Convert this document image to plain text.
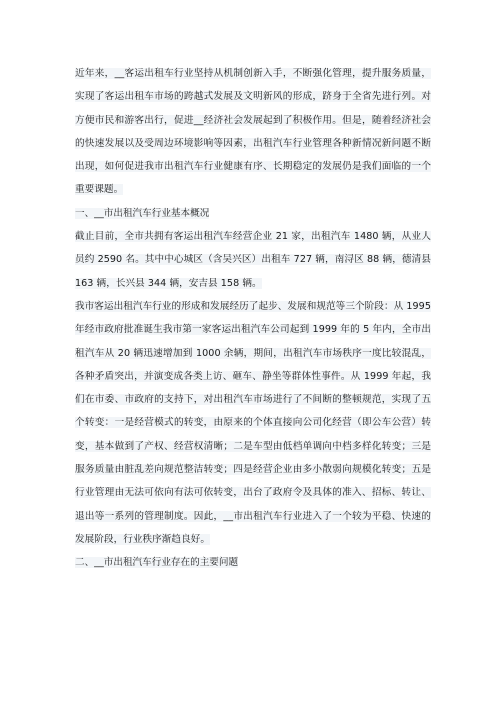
近年来，__客运出租车行业坚持从机制创新入手，不断强化管理，提升服务质量，实现了客运出租车市场的跨越式发展及文明新风的形成，跻身于全省先进行列。对方便市民和游客出行，促进__经济社会发展起到了积极作用。但是，随着经济社会的快速发展以及受周边环境影响等因素，出租汽车行业管理各种新情况新问题不断出现，如何促进我市出租汽车行业健康有序、长期稳定的发展仍是我们面临的一个重要课题。

一、__市出租汽车行业基本概况

截止目前，全市共拥有客运出租汽车经营企业 21 家，出租汽车 1480 辆，从业人员约 2590 名。其中中心城区（含吴兴区）出租车 727 辆，南浔区 88 辆，德清县 163 辆，长兴县 344 辆，安吉县 158 辆。

我市客运出租汽车行业的形成和发展经历了起步、发展和规范等三个阶段：从 1995 年经市政府批准诞生我市第一家客运出租汽车公司起到 1999 年的 5 年内，全市出租汽车从 20 辆迅速增加到 1000 余辆，期间，出租汽车市场秩序一度比较混乱，各种矛盾突出，并演变成各类上访、砸车、静坐等群体性事件。从 1999 年起，我们在市委、市政府的支持下，对出租汽车市场进行了不间断的整顿规范，实现了五个转变：一是经营模式的转变，由原来的个体直接向公司化经营（即公车公营）转变，基本做到了产权、经营权清晰；二是车型由低档单调向中档多样化转变；三是服务质量由脏乱差向规范整洁转变；四是经营企业由多小散弱向规模化转变；五是行业管理由无法可依向有法可依转变，出台了政府令及具体的准入、招标、转让、退出等一系列的管理制度。因此，__市出租汽车行业进入了一个较为平稳、快速的发展阶段，行业秩序渐趋良好。

二、__市出租汽车行业存在的主要问题
